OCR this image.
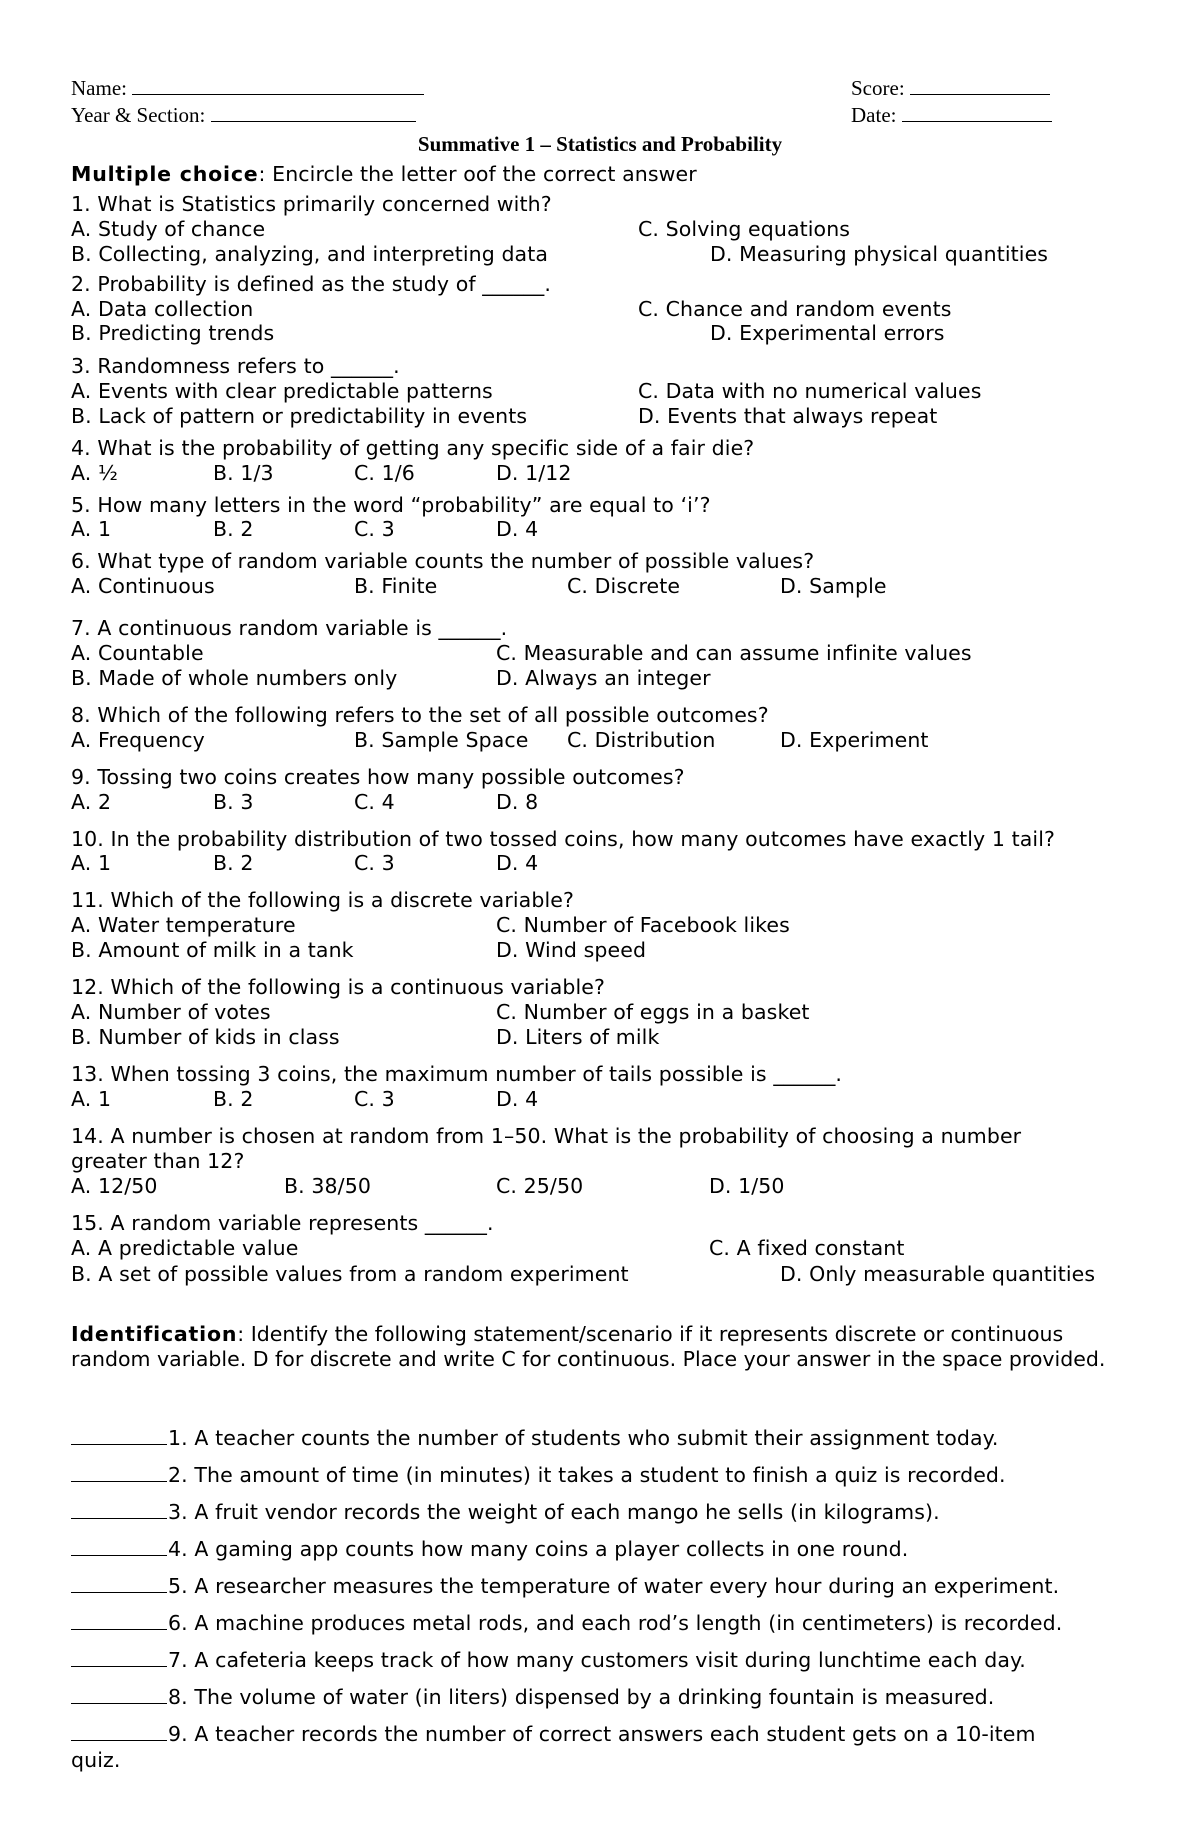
Name:	Score:
Year & Section:	Date:
Summative 1 – Statistics and Probability
Multiple choice: Encircle the letter oof the correct answer
1. What is Statistics primarily concerned with?
A. Study of chance	C. Solving equations
B. Collecting, analyzing, and interpreting data	D. Measuring physical quantities
2. Probability is defined as the study of ______.
A. Data collection	C. Chance and random events
B. Predicting trends	D. Experimental errors
3. Randomness refers to ______.
A. Events with clear predictable patterns	C. Data with no numerical values
B. Lack of pattern or predictability in events	D. Events that always repeat
4. What is the probability of getting any specific side of a fair die?
A. ½	B. 1/3	C. 1/6	D. 1/12
5. How many letters in the word “probability” are equal to ‘i’?
A. 1	B. 2	C. 3	D. 4
6. What type of random variable counts the number of possible values?
A. Continuous	B. Finite	C. Discrete	D. Sample
7. A continuous random variable is ______.
A. Countable	C. Measurable and can assume infinite values
B. Made of whole numbers only	D. Always an integer
8. Which of the following refers to the set of all possible outcomes?
A. Frequency	B. Sample Space C. Distribution	D. Experiment
9. Tossing two coins creates how many possible outcomes?
A. 2	B. 3	C. 4	D. 8
10. In the probability distribution of two tossed coins, how many outcomes have exactly 1 tail?
A. 1	B. 2	C. 3	D. 4
11. Which of the following is a discrete variable?
A. Water temperature	C. Number of Facebook likes
B. Amount of milk in a tank	D. Wind speed
12. Which of the following is a continuous variable?
A. Number of votes	C. Number of eggs in a basket
B. Number of kids in class	D. Liters of milk
13. When tossing 3 coins, the maximum number of tails possible is ______.
A. 1	B. 2	C. 3	D. 4
14. A number is chosen at random from 1–50. What is the probability of choosing a number
greater than 12?
A. 12/50	B. 38/50	C. 25/50	D. 1/50
15. A random variable represents ______.
A. A predictable value	C. A fixed constant
B. A set of possible values from a random experiment	D. Only measurable quantities
Identification: Identify the following statement/scenario if it represents discrete or continuous random variable. D for discrete and write C for continuous. Place your answer in the space provided.
1. A teacher counts the number of students who submit their assignment today.
2. The amount of time (in minutes) it takes a student to finish a quiz is recorded.
3. A fruit vendor records the weight of each mango he sells (in kilograms).
4. A gaming app counts how many coins a player collects in one round.
5. A researcher measures the temperature of water every hour during an experiment.
6. A machine produces metal rods, and each rod’s length (in centimeters) is recorded.
7. A cafeteria keeps track of how many customers visit during lunchtime each day.
8. The volume of water (in liters) dispensed by a drinking fountain is measured.
9. A teacher records the number of correct answers each student gets on a 10-item
quiz.
